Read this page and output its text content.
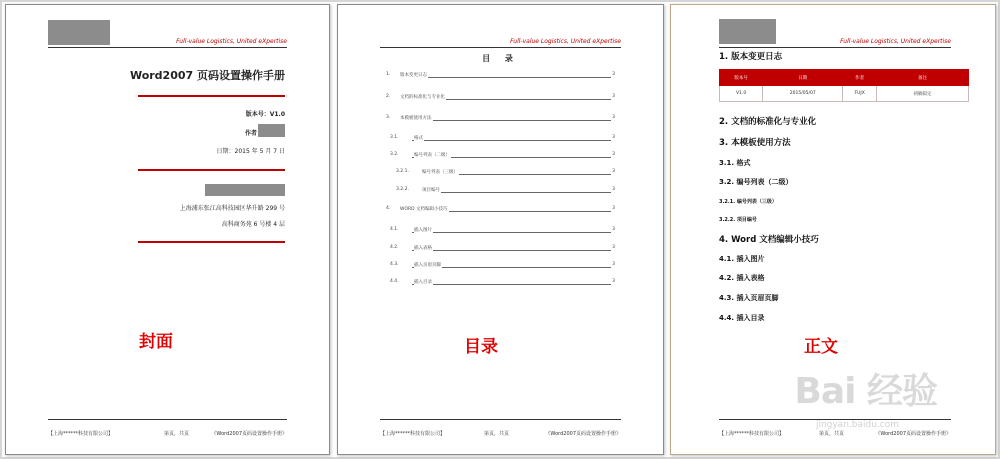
Full-value Logistics, United eXpertise
Word2007 页码设置操作手册
版本号：V1.0
作者
日期：2015 年 5 月 7 日
上海浦东张江高科技园区华升路 299 号
高科商务苑 6 号楼 4 层
封面
【上海******科技有限公司】	第页，共页	《Word2007页码设置操作手册》
Full-value Logistics, United eXpertise
目 录
1. 版本变更日志	3
2. 文档的标准化与专业化	3
3. 本模板使用方法	3
3.1.	格式	3
3.2.	编号列表（二级）	3
3.2.1.	编号列表（三级）	3
3.2.2.	项目编号	3
4. WORD 文档编辑小技巧	3
4.1.	插入图片	3
4.2.	插入表格	3
4.3.	插入页眉页脚	3
4.4.	插入目录	3
目录
【上海******科技有限公司】	第页，共页	《Word2007页码设置操作手册》
Full-value Logistics, United eXpertise
1. 版本变更日志
版本号	日期	作者	备注
V1.0	2015/05/07	FUJX	初稿拟定
2. 文档的标准化与专业化
3. 本模板使用方法
3.1. 格式
3.2. 编号列表（二级）
3.2.1. 编号列表（三级）
3.2.2. 项目编号
4. Word 文档编辑小技巧
4.1. 插入图片
4.2. 插入表格
4.3. 插入页眉页脚
4.4. 插入目录
正文
Bai 经验
jingyan.baidu.com
【上海******科技有限公司】	第页，共页	《Word2007页码设置操作手册》
